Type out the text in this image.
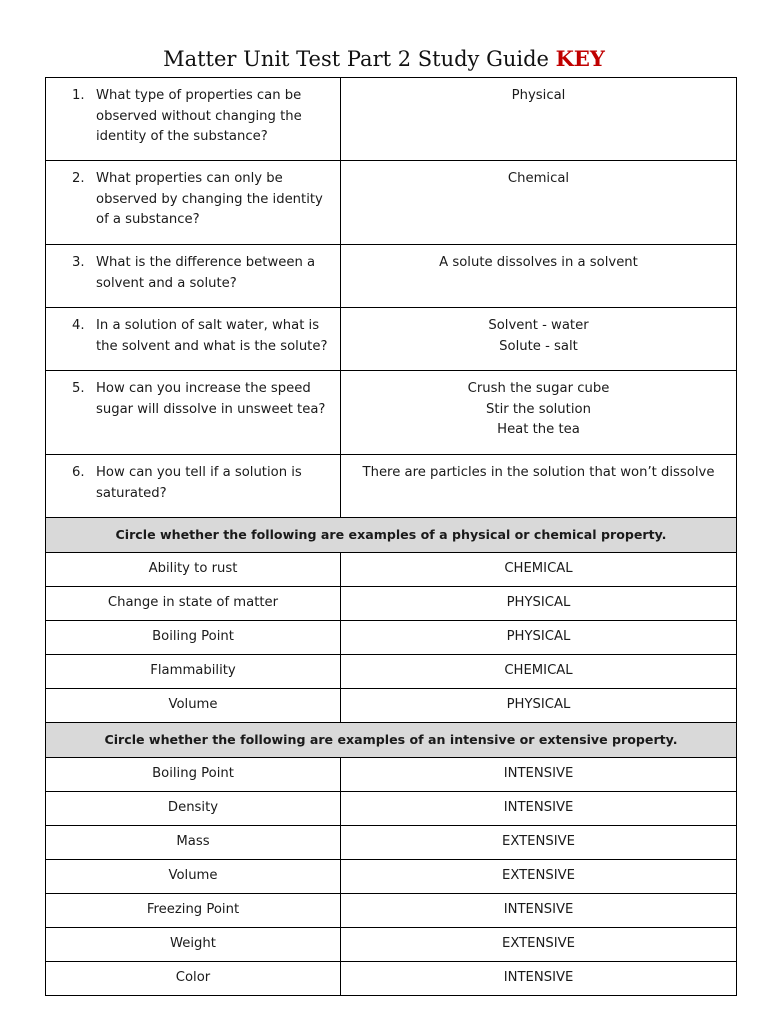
Matter Unit Test Part 2 Study Guide KEY
1. What type of properties can be observed without changing the identity of the substance?	Physical

2. What properties can only be observed by changing the identity of a substance?	Chemical

3. What is the difference between a solvent and a solute?	A solute dissolves in a solvent

4. In a solution of salt water, what is the solvent and what is the solute?	Solvent - water
Solute - salt

5. How can you increase the speed sugar will dissolve in unsweet tea?	Crush the sugar cube
Stir the solution
Heat the tea

6. How can you tell if a solution is saturated?	There are particles in the solution that won’t dissolve

Circle whether the following are examples of a physical or chemical property.	
Ability to rust	CHEMICAL
Change in state of matter	PHYSICAL
Boiling Point	PHYSICAL
Flammability	CHEMICAL
Volume	PHYSICAL
Circle whether the following are examples of an intensive or extensive property.	
Boiling Point	INTENSIVE
Density	INTENSIVE
Mass	EXTENSIVE
Volume	EXTENSIVE
Freezing Point	INTENSIVE
Weight	EXTENSIVE
Color	INTENSIVE
